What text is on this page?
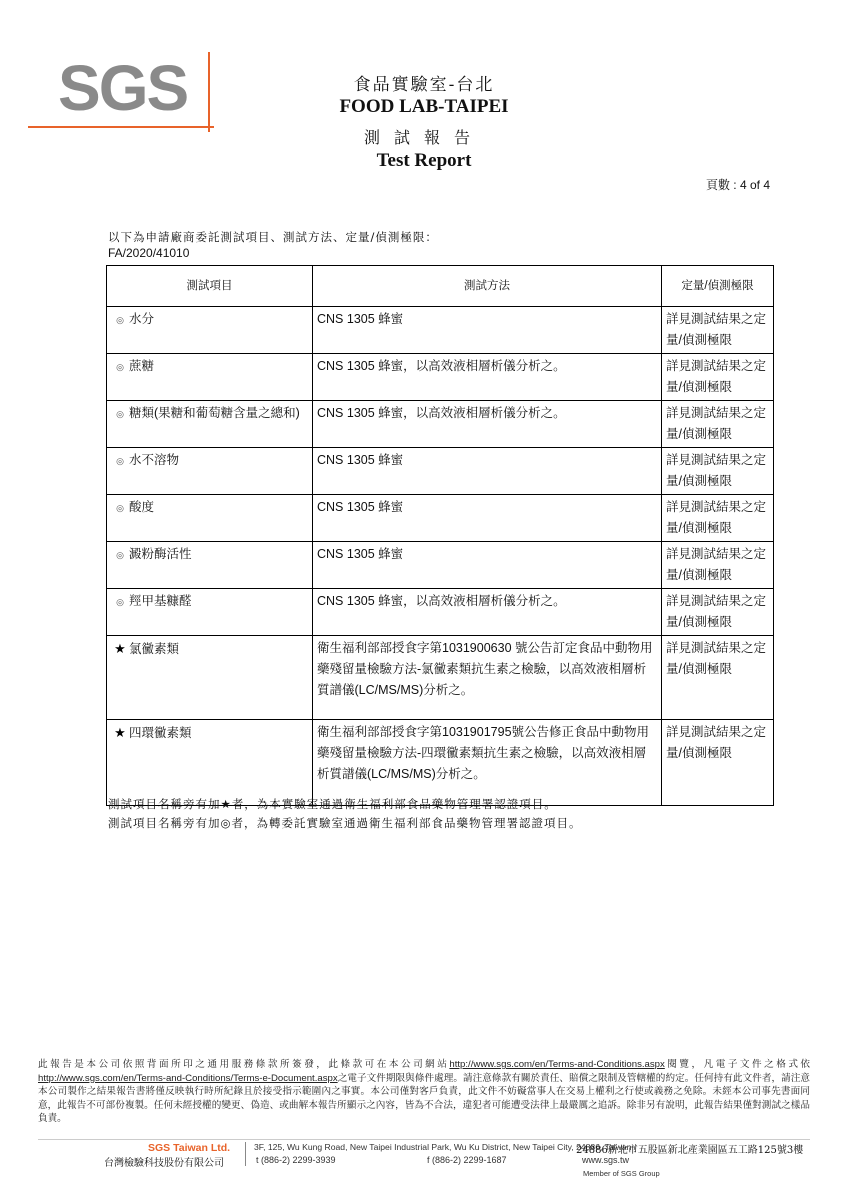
SGS	食品實驗室-台北
FOOD LAB-TAIPEI
測試報告
Test Report
頁數 : 4 of 4
以下為申請廠商委託測試項目、測試方法、定量/偵測極限：
FA/2020/41010
測試項目	測試方法	定量/偵測極限
◎ 水分	CNS 1305 蜂蜜	詳見測試結果之定量/偵測極限
◎ 蔗糖	CNS 1305 蜂蜜，以高效液相層析儀分析之。	詳見測試結果之定量/偵測極限
◎ 糖類(果糖和葡萄糖含量之總和)	CNS 1305 蜂蜜，以高效液相層析儀分析之。	詳見測試結果之定量/偵測極限
◎ 水不溶物	CNS 1305 蜂蜜	詳見測試結果之定量/偵測極限
◎ 酸度	CNS 1305 蜂蜜	詳見測試結果之定量/偵測極限
◎ 澱粉酶活性	CNS 1305 蜂蜜	詳見測試結果之定量/偵測極限
◎ 羥甲基糠醛	CNS 1305 蜂蜜，以高效液相層析儀分析之。	詳見測試結果之定量/偵測極限
★ 氯黴素類	衛生福利部部授食字第1031900630 號公告訂定食品中動物用藥殘留量檢驗方法-氯黴素類抗生素之檢驗，以高效液相層析質譜儀(LC/MS/MS)分析之。	詳見測試結果之定量/偵測極限
★ 四環黴素類	衛生福利部部授食字第1031901795號公告修正食品中動物用藥殘留量檢驗方法-四環黴素類抗生素之檢驗，以高效液相層析質譜儀(LC/MS/MS)分析之。	詳見測試結果之定量/偵測極限
測試項目名稱旁有加★者，為本實驗室通過衛生福利部食品藥物管理署認證項目。
測試項目名稱旁有加◎者，為轉委託實驗室通過衛生福利部食品藥物管理署認證項目。
此報告是本公司依照背面所印之通用服務條款所簽發，此條款可在本公司網站http://www.sgs.com/en/Terms-and-Conditions.aspx閱覽，凡電子文件之格式依http://www.sgs.com/en/Terms-and-Conditions/Terms-e-Document.aspx之電子文件期限與條件處理。請注意條款有關於責任、賠償之限制及管轄權的約定。任何持有此文件者，請注意本公司製作之結果報告書將僅反映執行時所紀錄且於接受指示範圍內之事實。本公司僅對客戶負責，此文件不妨礙當事人在交易上權利之行使或義務之免除。未經本公司事先書面同意，此報告不可部份複製。任何未經授權的變更、偽造、或曲解本報告所顯示之內容，皆為不合法，違犯者可能遭受法律上最嚴厲之追訴。除非另有說明，此報告結果僅對測試之樣品負責。
SGS Taiwan Ltd.
台灣檢驗科技股份有限公司
3F, 125, Wu Kung Road, New Taipei Industrial Park, Wu Ku District, New Taipei City, 24886, Taiwan /
24886新北市五股區新北產業園區五工路125號3樓
t (886-2) 2299-3939	f (886-2) 2299-1687	www.sgs.tw
Member of SGS Group
